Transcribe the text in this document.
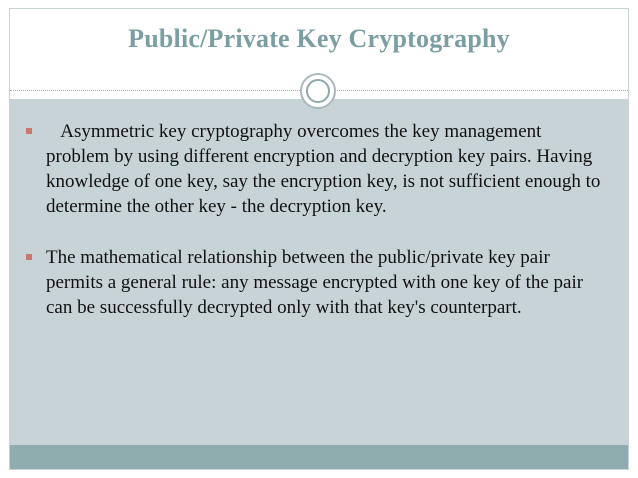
Public/Private Key Cryptography
Asymmetric key cryptography overcomes the key management problem by using different encryption and decryption key pairs. Having knowledge of one key, say the encryption key, is not sufficient enough to determine the other key - the decryption key.
The mathematical relationship between the public/private key pair permits a general rule: any message encrypted with one key of the pair can be successfully decrypted only with that key's counterpart.
